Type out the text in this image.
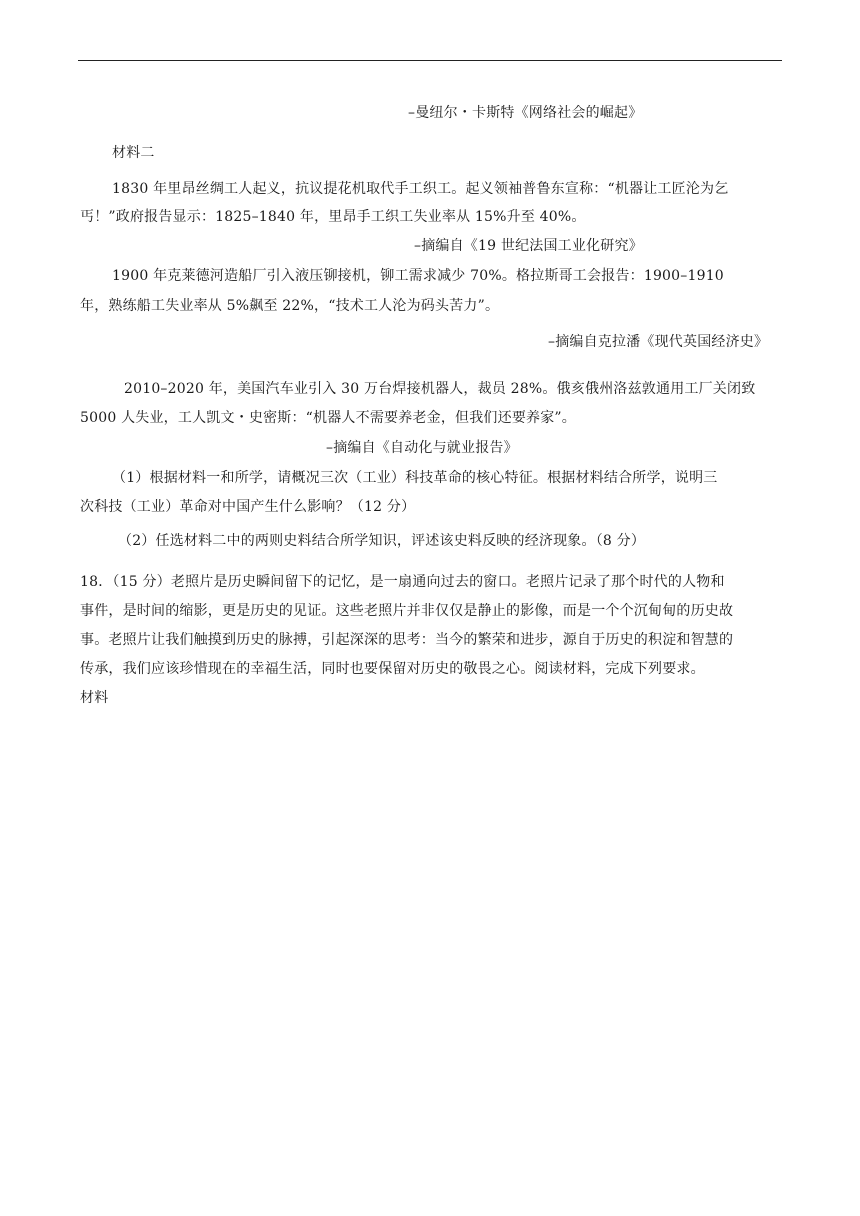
–曼纽尔・卡斯特《网络社会的崛起》
材料二
1830 年里昂丝绸工人起义，抗议提花机取代手工织工。起义领袖普鲁东宣称：“机器让工匠沦为乞
丐！”政府报告显示：1825–1840 年，里昂手工织工失业率从 15%升至 40%。
–摘编自《19 世纪法国工业化研究》
1900 年克莱德河造船厂引入液压铆接机，铆工需求减少 70%。格拉斯哥工会报告：1900–1910
年，熟练船工失业率从 5%飙至 22%，“技术工人沦为码头苦力”。
–摘编自克拉潘《现代英国经济史》
2010–2020 年，美国汽车业引入 30 万台焊接机器人，裁员 28%。俄亥俄州洛兹敦通用工厂关闭致
5000 人失业，工人凯文・史密斯：“机器人不需要养老金，但我们还要养家”。
–摘编自《自动化与就业报告》
（1）根据材料一和所学，请概况三次（工业）科技革命的核心特征。根据材料结合所学，说明三
次科技（工业）革命对中国产生什么影响？（12 分）
（2）任选材料二中的两则史料结合所学知识，评述该史料反映的经济现象。（8 分）
18．（15 分）老照片是历史瞬间留下的记忆，是一扇通向过去的窗口。老照片记录了那个时代的人物和
事件，是时间的缩影，更是历史的见证。这些老照片并非仅仅是静止的影像，而是一个个沉甸甸的历史故
事。老照片让我们触摸到历史的脉搏，引起深深的思考：当今的繁荣和进步，源自于历史的积淀和智慧的
传承，我们应该珍惜现在的幸福生活，同时也要保留对历史的敬畏之心。阅读材料，完成下列要求。
材料
